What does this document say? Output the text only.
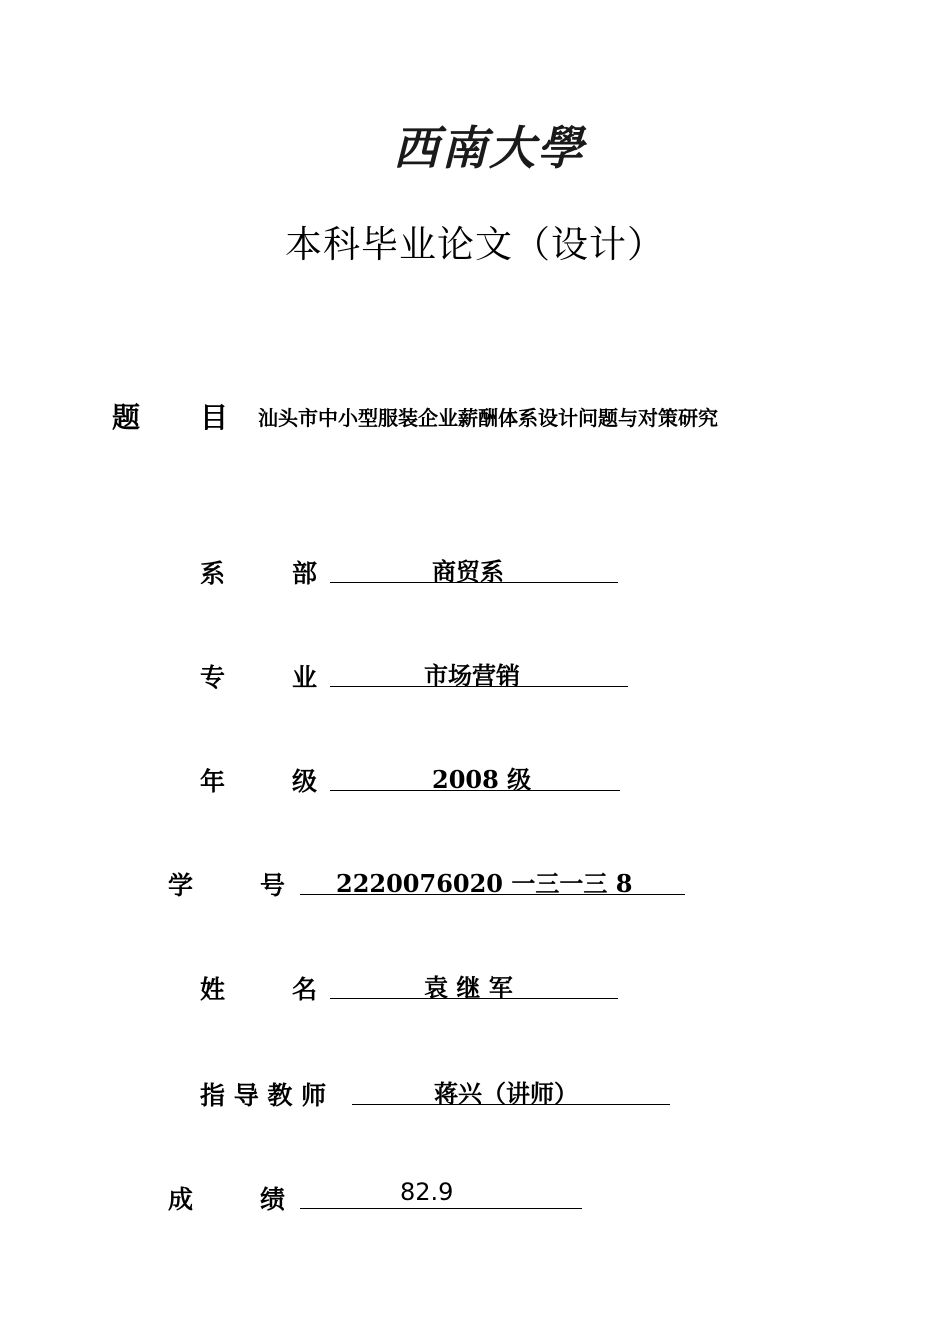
西南大學
本科毕业论文（设计）
题 目 汕头市中小型服装企业薪酬体系设计问题与对策研究
系	部	商贸系
专	业	市场营销
年	级	2008 级
学	号 2220076020 一三一三 8
姓	名	袁 继 军
指 导 教 师	蒋兴（讲师）
成	绩	82.9
